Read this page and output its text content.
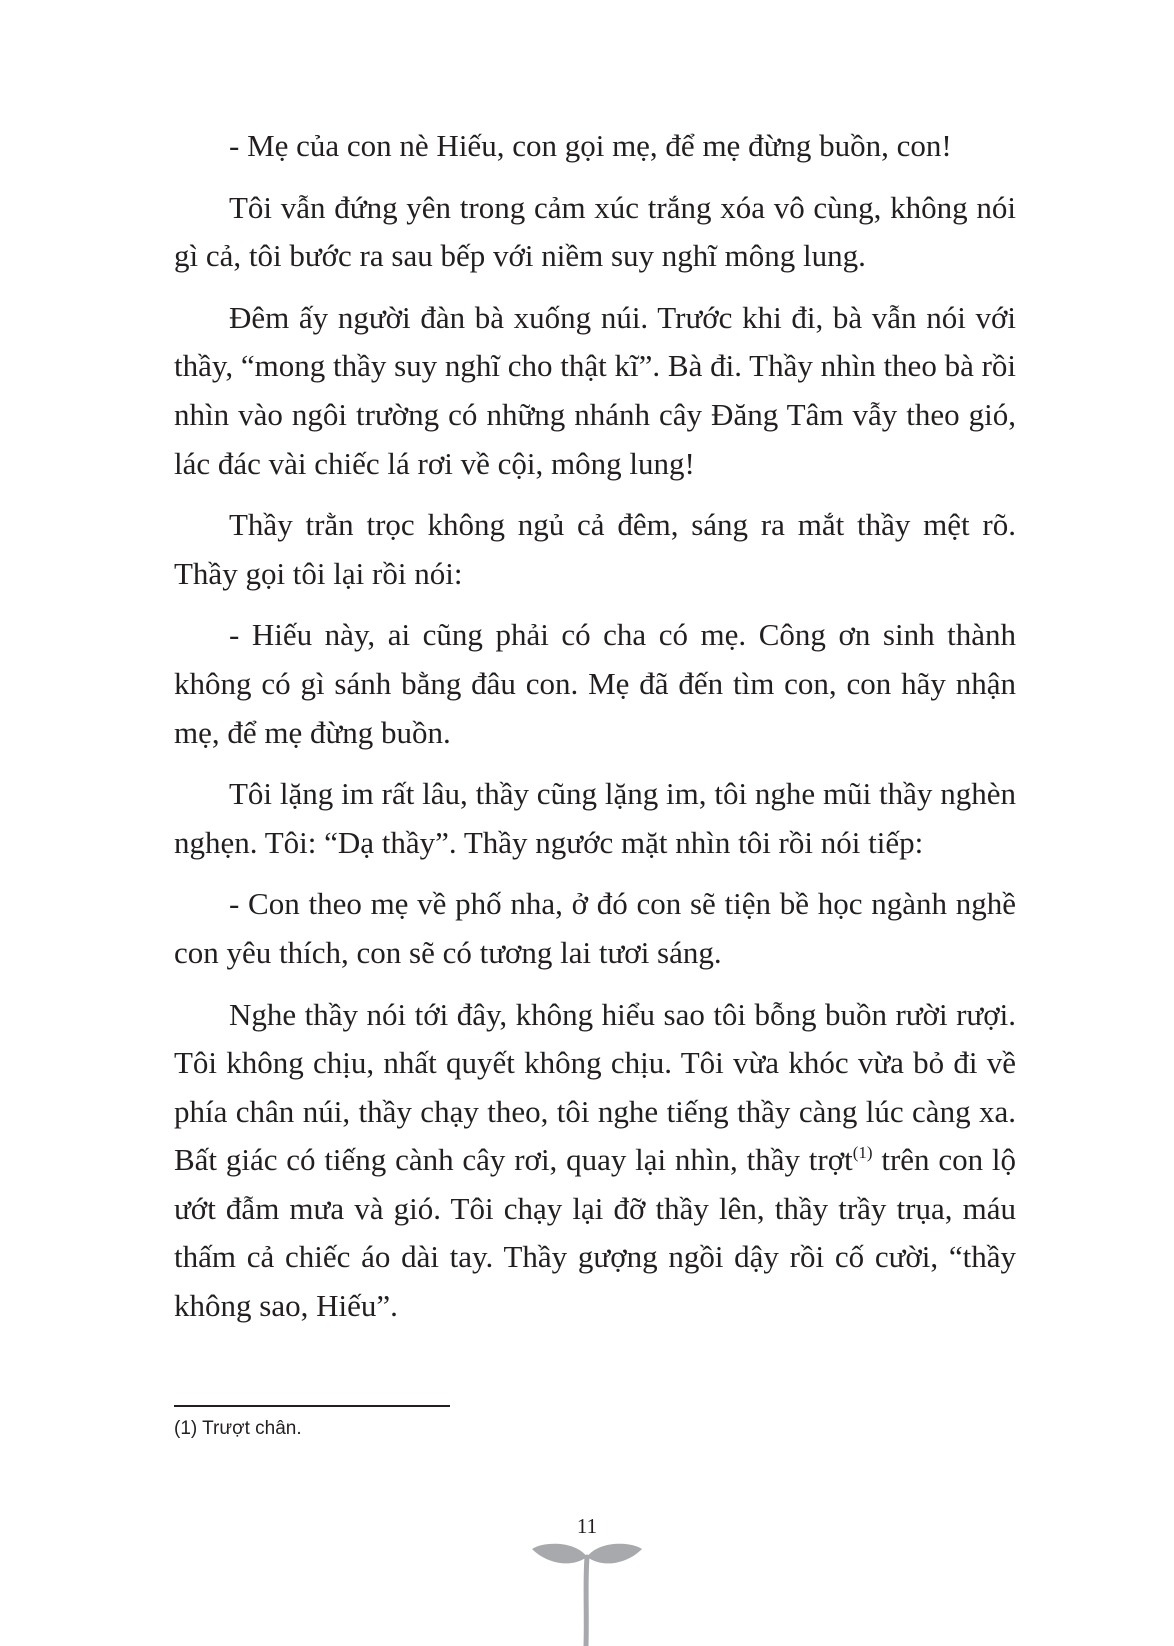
- Mẹ của con nè Hiếu, con gọi mẹ, để mẹ đừng buồn, con!

Tôi vẫn đứng yên trong cảm xúc trắng xóa vô cùng, không nói gì cả, tôi bước ra sau bếp với niềm suy nghĩ mông lung.

Đêm ấy người đàn bà xuống núi. Trước khi đi, bà vẫn nói với thầy, “mong thầy suy nghĩ cho thật kĩ”. Bà đi. Thầy nhìn theo bà rồi nhìn vào ngôi trường có những nhánh cây Đăng Tâm vẫy theo gió, lác đác vài chiếc lá rơi về cội, mông lung!

Thầy trằn trọc không ngủ cả đêm, sáng ra mắt thầy mệt rõ. Thầy gọi tôi lại rồi nói:

- Hiếu này, ai cũng phải có cha có mẹ. Công ơn sinh thành không có gì sánh bằng đâu con. Mẹ đã đến tìm con, con hãy nhận mẹ, để mẹ đừng buồn.

Tôi lặng im rất lâu, thầy cũng lặng im, tôi nghe mũi thầy nghèn nghẹn. Tôi: “Dạ thầy”. Thầy ngước mặt nhìn tôi rồi nói tiếp:

- Con theo mẹ về phố nha, ở đó con sẽ tiện bề học ngành nghề con yêu thích, con sẽ có tương lai tươi sáng.

Nghe thầy nói tới đây, không hiểu sao tôi bỗng buồn rười rượi. Tôi không chịu, nhất quyết không chịu. Tôi vừa khóc vừa bỏ đi về phía chân núi, thầy chạy theo, tôi nghe tiếng thầy càng lúc càng xa. Bất giác có tiếng cành cây rơi, quay lại nhìn, thầy trợt$^{(1)}$ trên con lộ ướt đẫm mưa và gió. Tôi chạy lại đỡ thầy lên, thầy trầy trụa, máu thấm cả chiếc áo dài tay. Thầy gượng ngồi dậy rồi cố cười, “thầy không sao, Hiếu”.

(1) Trượt chân.
11
